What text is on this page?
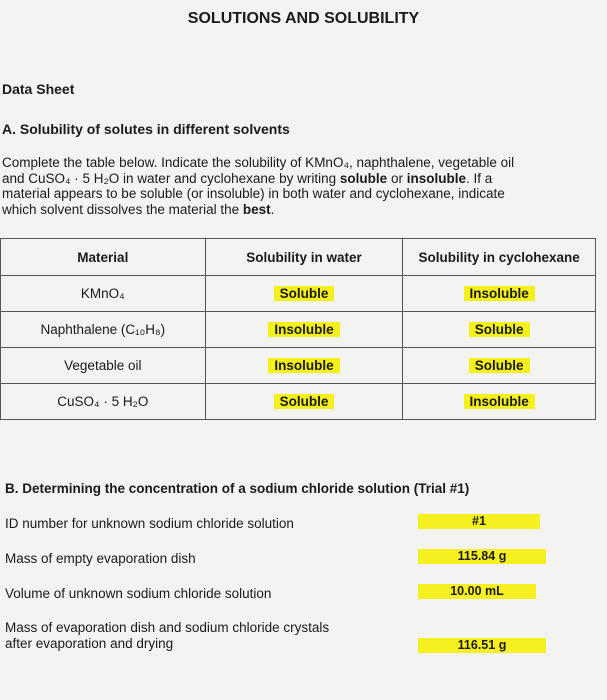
SOLUTIONS AND SOLUBILITY
Data Sheet
A. Solubility of solutes in different solvents
Complete the table below. Indicate the solubility of KMnO₄, naphthalene, vegetable oil
and CuSO₄ · 5 H₂O in water and cyclohexane by writing soluble or insoluble. If a
material appears to be soluble (or insoluble) in both water and cyclohexane, indicate
which solvent dissolves the material the best.
Material	Solubility in water	Solubility in cyclohexane
KMnO₄	Soluble	Insoluble
Naphthalene (C₁₀H₈)	Insoluble	Soluble
Vegetable oil	Insoluble	Soluble
CuSO₄ · 5 H₂O	Soluble	Insoluble
B. Determining the concentration of a sodium chloride solution (Trial #1)
ID number for unknown sodium chloride solution	#1
Mass of empty evaporation dish	115.84 g
Volume of unknown sodium chloride solution	10.00 mL
Mass of evaporation dish and sodium chloride crystals
after evaporation and drying	116.51 g
